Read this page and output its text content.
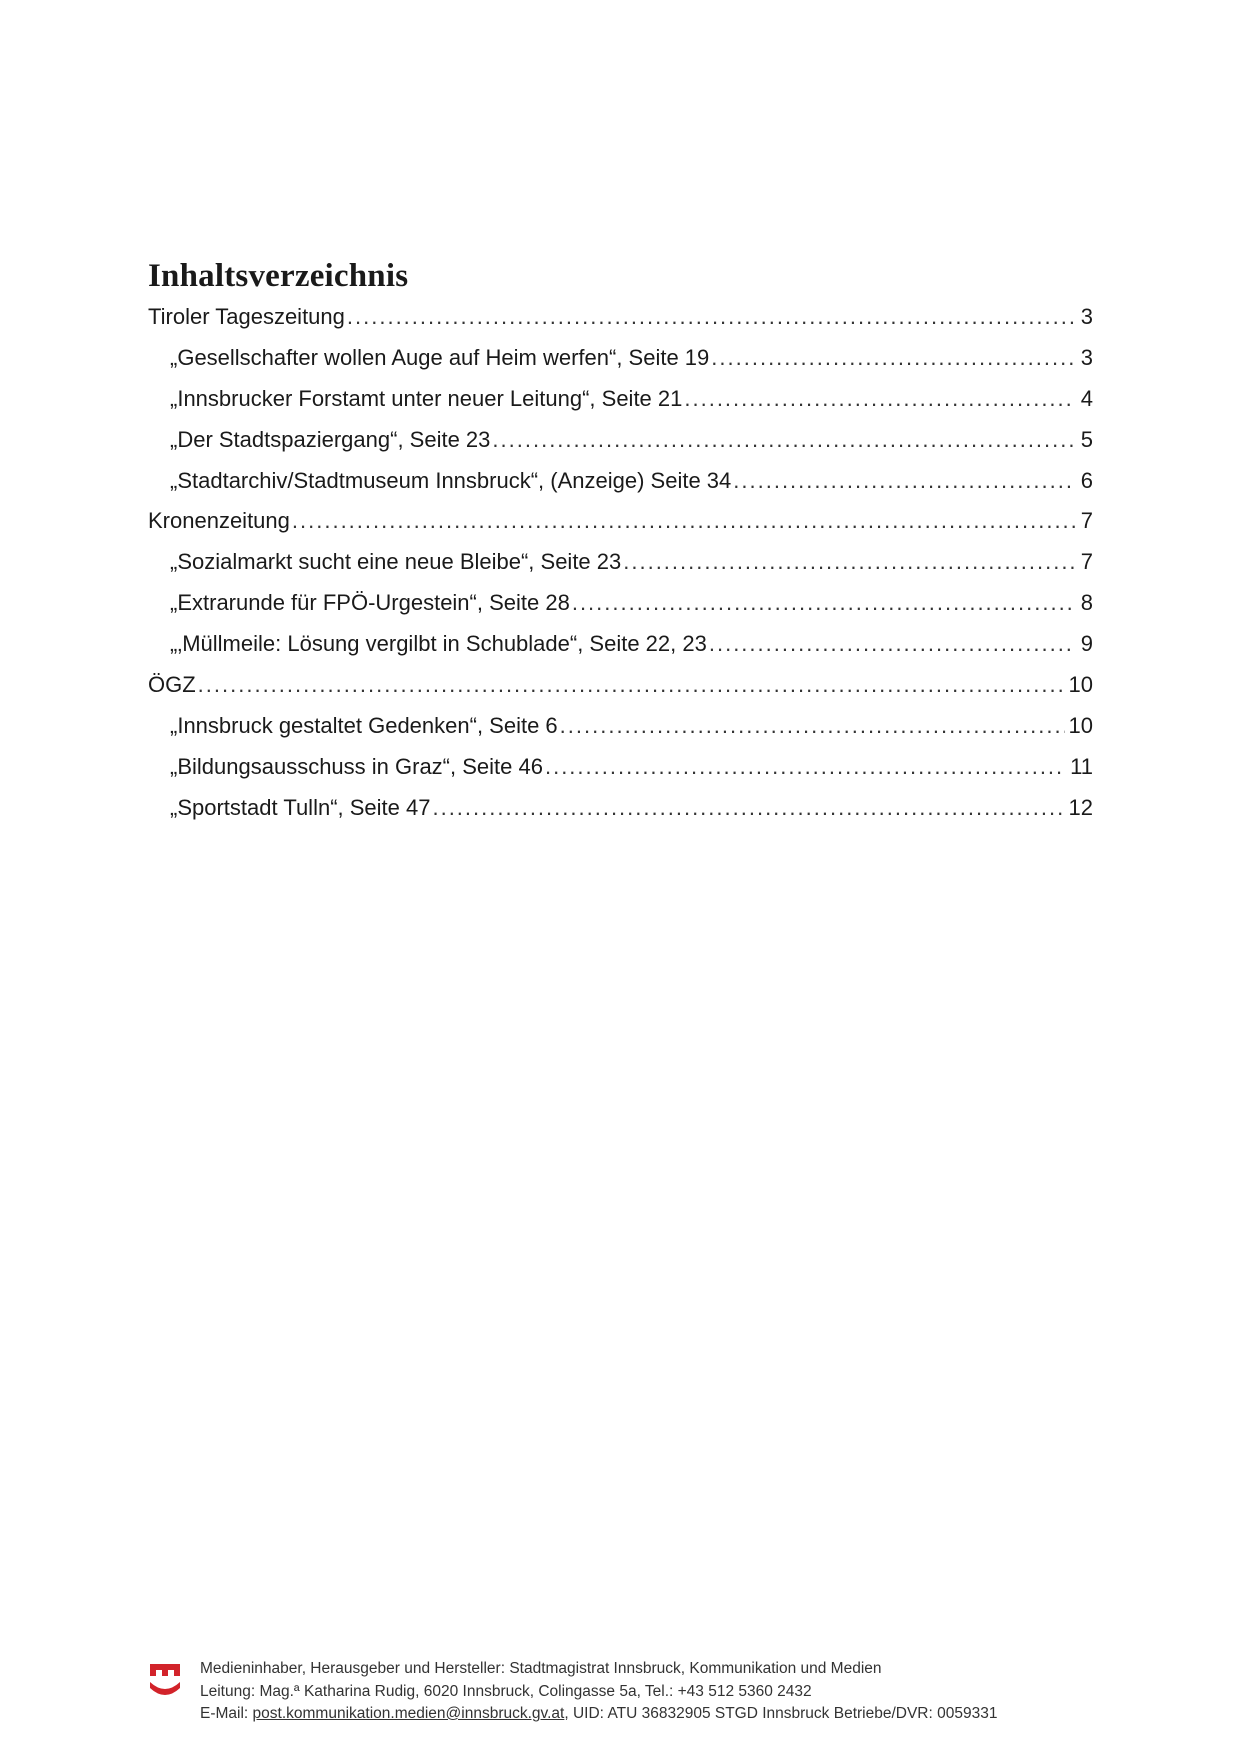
Inhaltsverzeichnis
Tiroler Tageszeitung .....	3
„Gesellschafter wollen Auge auf Heim werfen“, Seite 19 .....	3
„Innsbrucker Forstamt unter neuer Leitung“, Seite 21 .....	4
„Der Stadtspaziergang“, Seite 23 .....	5
„Stadtarchiv/Stadtmuseum Innsbruck“, (Anzeige) Seite 34 .....	6
Kronenzeitung .....	7
„Sozialmarkt sucht eine neue Bleibe“, Seite 23 .....	7
„Extrarunde für FPÖ-Urgestein“, Seite 28 .....	8
„‚Müllmeile: Lösung vergilbt in Schublade“, Seite 22, 23 .....	9
ÖGZ .....	10
„Innsbruck gestaltet Gedenken“, Seite 6 .....	10
„Bildungsausschuss in Graz“, Seite 46 .....	11
„Sportstadt Tulln“, Seite 47 .....	12
Medieninhaber, Herausgeber und Hersteller: Stadtmagistrat Innsbruck, Kommunikation und Medien
Leitung: Mag.ª Katharina Rudig, 6020 Innsbruck, Colingasse 5a, Tel.: +43 512 5360 2432
E-Mail: post.kommunikation.medien@innsbruck.gv.at, UID: ATU 36832905 STGD Innsbruck Betriebe/DVR: 0059331
